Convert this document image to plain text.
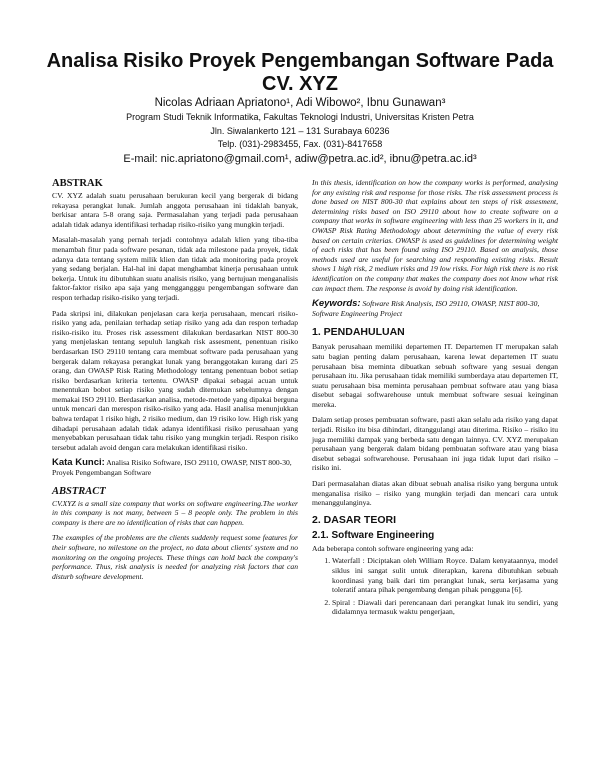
Analisa Risiko Proyek Pengembangan Software Pada CV. XYZ
Nicolas Adriaan Apriatono¹, Adi Wibowo², Ibnu Gunawan³
Program Studi Teknik Informatika, Fakultas Teknologi Industri, Universitas Kristen Petra
Jln. Siwalankerto 121 – 131 Surabaya 60236
Telp. (031)-2983455, Fax. (031)-8417658
E-mail: nic.apriatono@gmail.com¹, adiw@petra.ac.id², ibnu@petra.ac.id³
ABSTRAK

CV. XYZ adalah suatu perusahaan berukuran kecil yang bergerak di bidang rekayasa perangkat lunak. Jumlah anggota perusahaan ini tidaklah banyak, berkisar antara 5-8 orang saja. Permasalahan yang terjadi pada perusahaan adalah tidak adanya identifikasi terhadap risiko-risiko yang mungkin terjadi.

Masalah-masalah yang pernah terjadi contohnya adalah klien yang tiba-tiba menambah fitur pada software pesanan, tidak ada milestone pada proyek, tidak adanya data tentang system milik klien dan tidak ada monitoring pada proyek yang sedang berjalan. Hal-hal ini dapat menghambat kinerja perusahaan untuk bekerja. Untuk itu dibutuhkan suatu analisis risiko, yang bertujuan menganalisis faktor-faktor risiko apa saja yang menggangggu pengembangan software dan respon terhadap risiko-risiko yang terjadi.

Pada skripsi ini, dilakukan penjelasan cara kerja perusahaan, mencari risiko-risiko yang ada, penilaian terhadap setiap risiko yang ada dan respon terhadap risiko-risiko itu. Proses risk assessment dilakukan berdasarkan NIST 800-30 yang menjelaskan tentang sepuluh langkah risk assesment, penentuan risiko berdasarkan ISO 29110 tentang cara membuat software pada perusahaan yang bergerak dalam rekayasa perangkat lunak yang beranggotakan kurang dari 25 orang, dan OWASP Risk Rating Methodology tentang penentuan bobot setiap risiko berdasarkan kriteria tertentu. OWASP dipakai sebagai acuan untuk menentukan bobot setiap risiko yang sudah ditemukan sebelumnya dengan memakai ISO 29110. Berdasarkan analisa, metode-metode yang dipakai berguna untuk mencari dan merespon risiko-risiko yang ada. Hasil analisa menunjukkan bahwa terdapat 1 risiko high, 2 risiko medium, dan 19 risiko low. High risk yang dihadapi perusahaan adalah tidak adanya identifikasi risiko perusahaan yang menyebabkan perusahaan tidak tahu risiko yang mungkin terjadi. Respon risiko tersebut adalah avoid dengan cara melakukan identifikasi risiko.

Kata Kunci: Analisa Risiko Software, ISO 29110, OWASP, NIST 800-30, Proyek Pengembangan Software
ABSTRACT

CV.XYZ is a small size company that works on software engineering.The worker in this company is not many, between 5 – 8 people only. The problem in this company is there are no identification of risks that can happen.

The examples of the problems are the clients suddenly request some features for their software, no milestone on the project, no data about clients' system and no monitoring on the ongoing projects. These things can hold back the company's performance. Thus, risk analysis is needed for analyzing risk factors that can disturb software development.

In this thesis, identification on how the company works is performed, analysing for any existing risk and response for those risks. The risk assessment process is done based on NIST 800-30 that explains about ten steps of risk assesment, determining risks based on ISO 29110 about how to create software on a company that works in software engineering with less than 25 workers in it, and OWASP Risk Rating Methodology about determining the value of every risk based on certain criterias. OWASP is used as guidelines for determining weight of each risks that has been found using ISO 29110. Based on analysis, those methods used are useful for searching and responding existing risks. Result shows 1 high risk, 2 medium risks and 19 low risks. For high risk there is no risk identification on the company that makes the company does not know what risk can impact them. The response is avoid by doing risk identification.

Keywords: Software Risk Analysis, ISO 29110, OWASP, NIST 800-30, Software Engineering Project
1. PENDAHULUAN

Banyak perusahaan memiliki departemen IT. Departemen IT merupakan salah satu bagian penting dalam perusahaan, karena lewat departemen IT suatu perusahaan bisa meminta dibuatkan sebuah software yang sesuai dengan perusahaan itu. Jika perusahaan tidak memiliki sumberdaya atau departemen IT, suatu perusahaan bisa meminta perusahaan pembuat software atau yang biasa disebut sebagai softwarehouse untuk membuat software sesuai keinginan mereka.

Dalam setiap proses pembuatan software, pasti akan selalu ada risiko yang dapat terjadi. Risiko itu bisa dihindari, ditanggulangi atau diterima. Risiko – risiko itu juga memiliki dampak yang berbeda satu dengan lainnya. CV. XYZ merupakan perusahaan yang bergerak dalam bidang pembuatan software atau yang biasa disebut sebagai softwarehouse. Perusahaan ini juga tidak luput dari risiko – risiko ini.

Dari permasalahan diatas akan dibuat sebuah analisa risiko yang berguna untuk menganalisa risiko – risiko yang mungkin terjadi dan mencari cara untuk menanggulanginya.

2. DASAR TEORI
2.1. Software Engineering

Ada beberapa contoh software engineering yang ada:

1. Waterfall : Diciptakan oleh William Royce. Dalam kenyataannya, model siklus ini sangat sulit untuk diterapkan, karena dibutuhkan sebuah koordinasi yang baik dari tim perangkat lunak, serta kerjasama yang toleratif antara pihak pengembang dengan pihak pengguna [6].
2. Spiral : Diawali dari perencanaan dari perangkat lunak itu sendiri, yang didalamnya termasuk waktu pengerjaan,
